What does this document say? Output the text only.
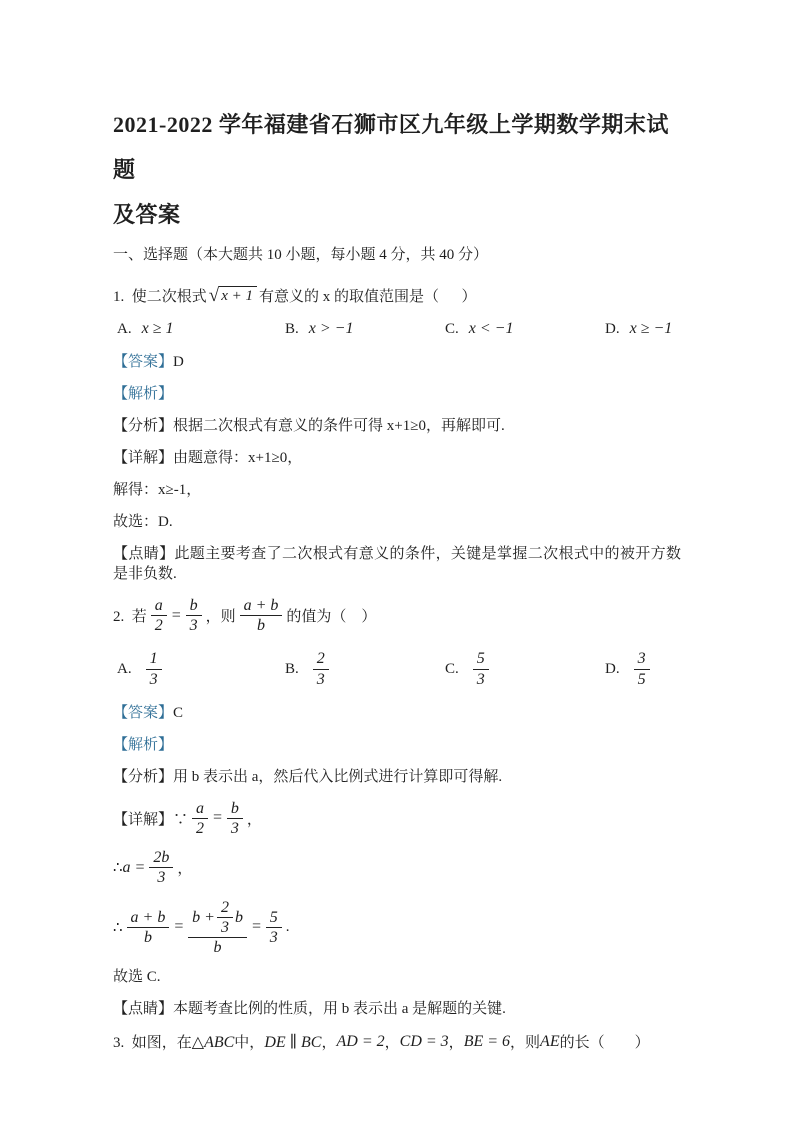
2021-2022 学年福建省石狮市区九年级上学期数学期末试题
及答案
一、选择题（本大题共 10 小题，每小题 4 分，共 40 分）
1.  使二次根式 √ x + 1 有意义的 x 的取值范围是（      ）
A. x ≥ 1	B. x > −1	C. x < −1	D. x ≥ −1
【答案】D
【解析】
【分析】根据二次根式有意义的条件可得 x+1≥0，再解即可.
【详解】由题意得：x+1≥0，
解得：x≥-1，
故选：D.
【点睛】此题主要考查了二次根式有意义的条件，关键是掌握二次根式中的被开方数是非负数.
2.  若 $\frac{a}{2} = \frac{b}{3}$ ，则 $\frac{a + b}{b}$ 的值为（    ）
A. $\frac{1}{3}$	B. $\frac{2}{3}$	C. $\frac{5}{3}$	D. $\frac{3}{5}$
【答案】C
【解析】
【分析】用 b 表示出 a，然后代入比例式进行计算即可得解.
【详解】∵ $\frac{a}{2} = \frac{b}{3}$ ，
∴ $a = \frac{2b}{3}$ ，
∴ $\frac{a + b}{b} = \frac{b + \frac{2}{3} b}{b} = \frac{5}{3}$ .
故选 C.
【点睛】本题考查比例的性质，用 b 表示出 a 是解题的关键.
3.  如图，在 △ABC 中， DE ∥ BC ， AD = 2 ， CD = 3 ， BE = 6 ，则 AE 的长（        ）
